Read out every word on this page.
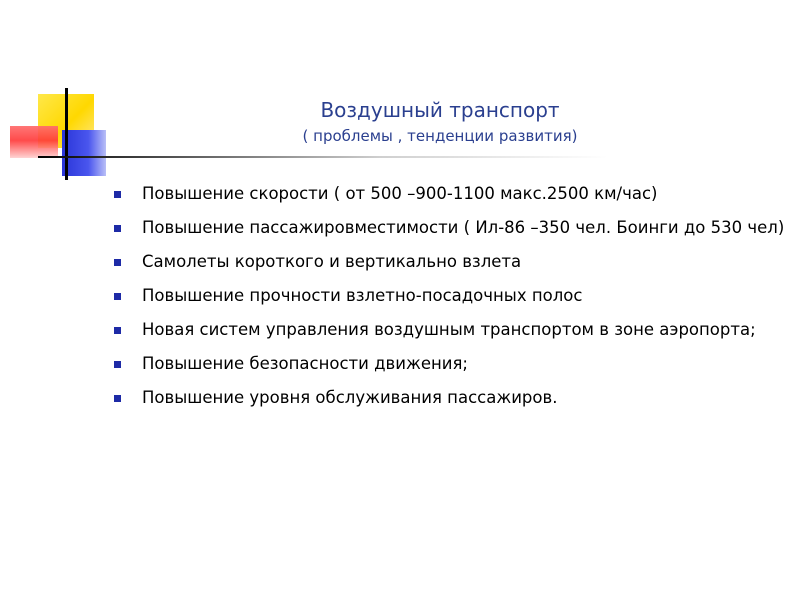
Воздушный транспорт
( проблемы , тенденции развития)
Повышение скорости ( от 500 –900-1100 макс.2500 км/час)
Повышение пассажировместимости ( Ил-86 –350 чел. Боинги до 530 чел)
Самолеты короткого и вертикально взлета
Повышение прочности взлетно-посадочных полос
Новая систем управления воздушным транспортом в зоне аэропорта;
Повышение безопасности движения;
Повышение уровня обслуживания пассажиров.
